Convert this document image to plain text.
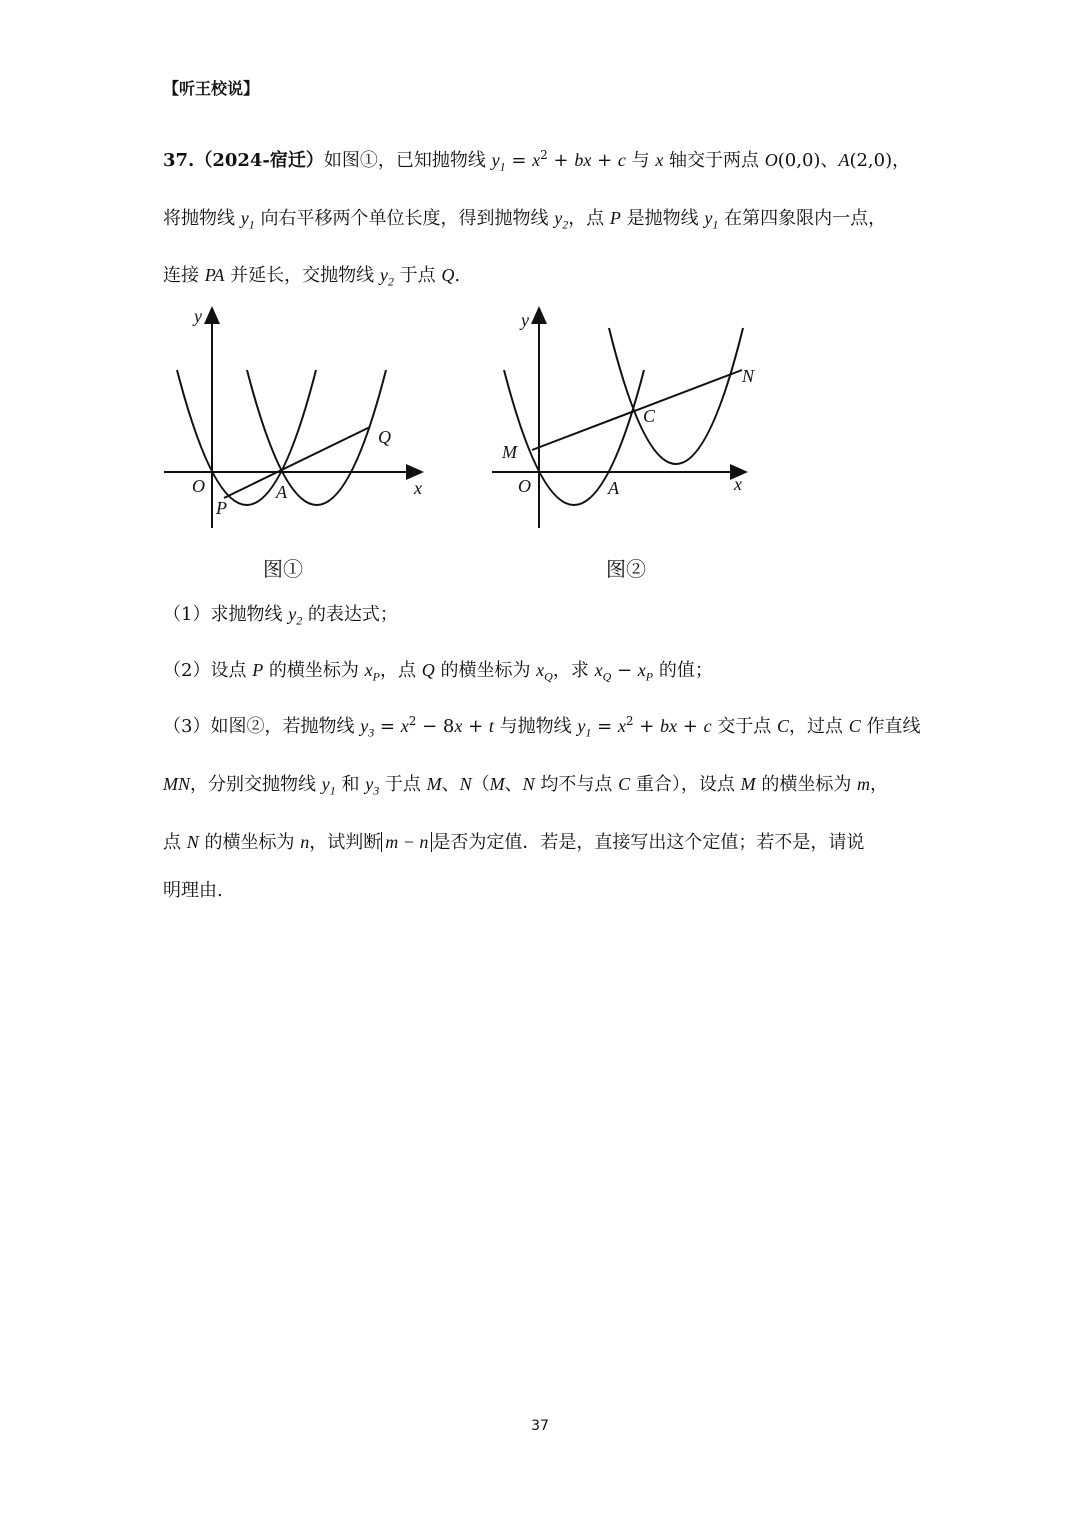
【听王校说】
37.（2024-宿迁）如图①，已知抛物线 $y_1 = x^2$ + bx + c 与 x 轴交于两点 O(0,0)、A(2,0)，
将抛物线 $y_1$ 向右平移两个单位长度，得到抛物线 $y_2$，点 P 是抛物线 $y_1$ 在第四象限内一点，
连接 PA 并延长，交抛物线 $y_2$ 于点 Q.
y
x
O
P
A
Q
y
x
O	A
M
C
N
图①	图②
（1）求抛物线 $y_2$ 的表达式；
（2）设点 P 的横坐标为 $x_P$，点 Q 的横坐标为 $x_Q$，求 $x_Q - x_P$ 的值；
（3）如图②，若抛物线 $y_3 = x^2 - 8x + t$ 与抛物线 $y_1 = x^2$ + bx + c 交于点 C，过点 C 作直线
MN，分别交抛物线 $y_1$ 和 $y_3$ 于点 M、N（M、N 均不与点 C 重合），设点 M 的横坐标为 m，
点 N 的横坐标为 n，试判断 m − n 是否为定值．若是，直接写出这个定值；若不是，请说
明理由.
37
